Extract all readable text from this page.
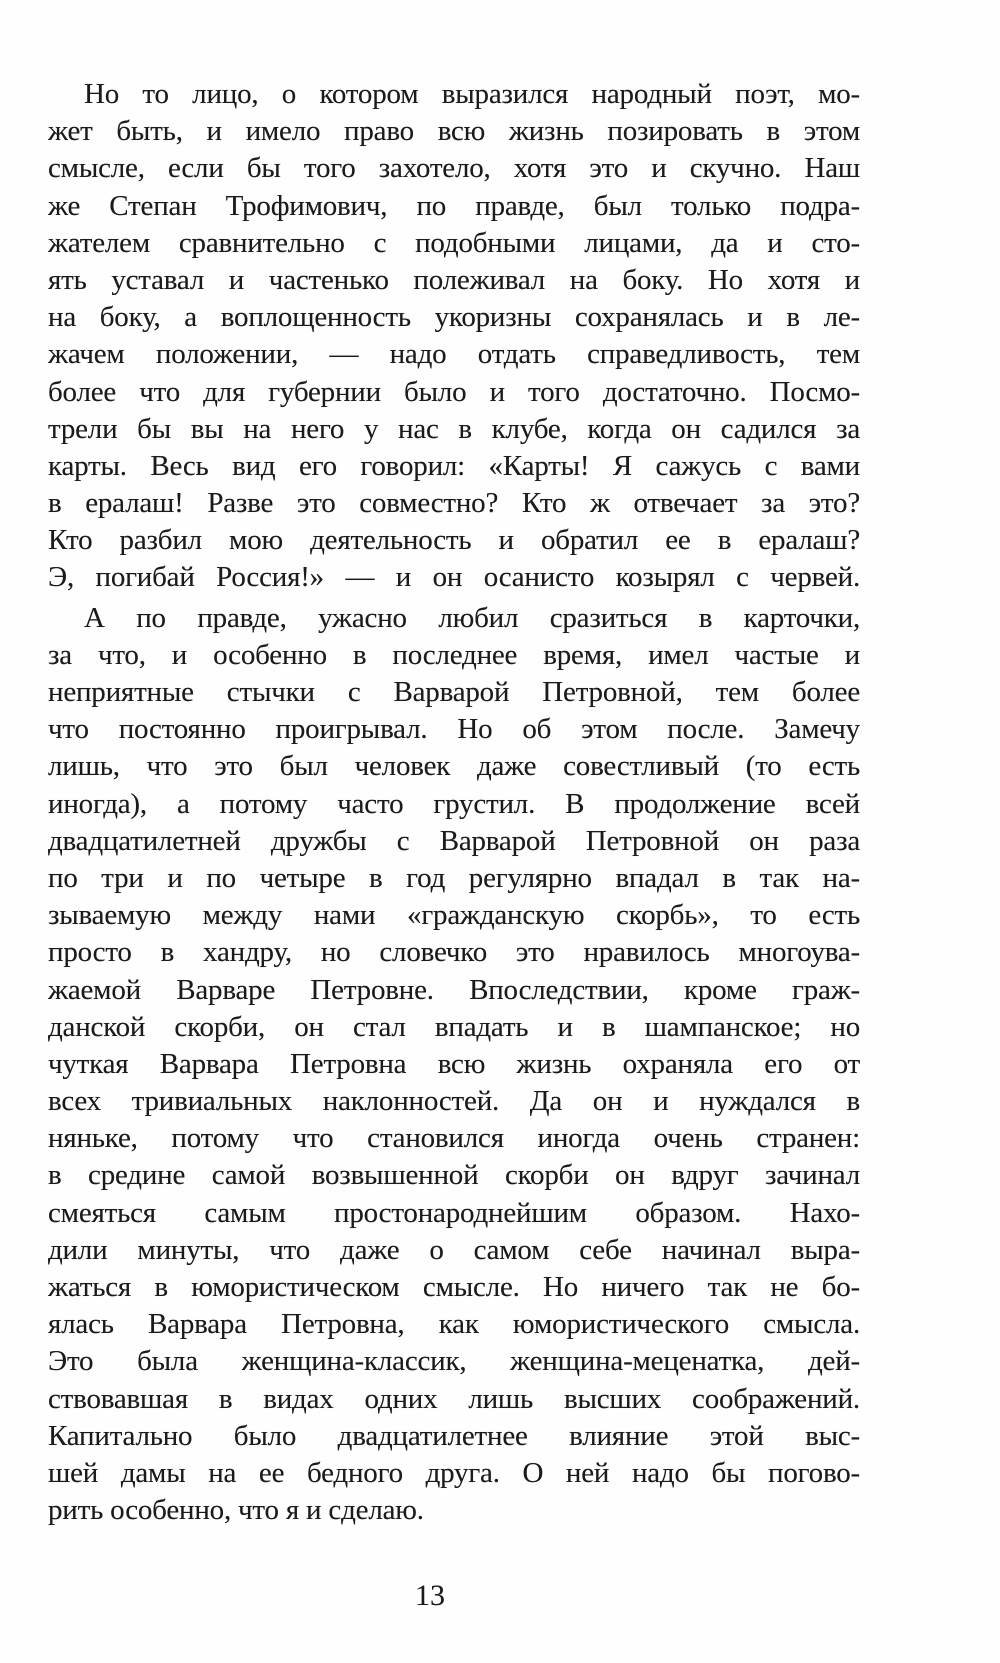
Но то лицо, о котором выразился народный поэт, мо-
жет быть, и имело право всю жизнь позировать в этом
смысле, если бы того захотело, хотя это и скучно. Наш
же Степан Трофимович, по правде, был только подра-
жателем сравнительно с подобными лицами, да и сто-
ять уставал и частенько полеживал на боку. Но хотя и
на боку, а воплощенность укоризны сохранялась и в ле-
жачем положении, — надо отдать справедливость, тем
более что для губернии было и того достаточно. Посмо-
трели бы вы на него у нас в клубе, когда он садился за
карты. Весь вид его говорил: «Карты! Я сажусь с вами
в ералаш! Разве это совместно? Кто ж отвечает за это?
Кто разбил мою деятельность и обратил ее в ералаш?
Э, погибай Россия!» — и он осанисто козырял с червей.
А по правде, ужасно любил сразиться в карточки,
за что, и особенно в последнее время, имел частые и
неприятные стычки с Варварой Петровной, тем более
что постоянно проигрывал. Но об этом после. Замечу
лишь, что это был человек даже совестливый (то есть
иногда), а потому часто грустил. В продолжение всей
двадцатилетней дружбы с Варварой Петровной он раза
по три и по четыре в год регулярно впадал в так на-
зываемую между нами «гражданскую скорбь», то есть
просто в хандру, но словечко это нравилось многоува-
жаемой Варваре Петровне. Впоследствии, кроме граж-
данской скорби, он стал впадать и в шампанское; но
чуткая Варвара Петровна всю жизнь охраняла его от
всех тривиальных наклонностей. Да он и нуждался в
няньке, потому что становился иногда очень странен:
в средине самой возвышенной скорби он вдруг зачинал
смеяться самым простонароднейшим образом. Нахо-
дили минуты, что даже о самом себе начинал выра-
жаться в юмористическом смысле. Но ничего так не бо-
ялась Варвара Петровна, как юмористического смысла.
Это была женщина-классик, женщина-меценатка, дей-
ствовавшая в видах одних лишь высших соображений.
Капитально было двадцатилетнее влияние этой выс-
шей дамы на ее бедного друга. О ней надо бы погово-
рить особенно, что я и сделаю.
13
